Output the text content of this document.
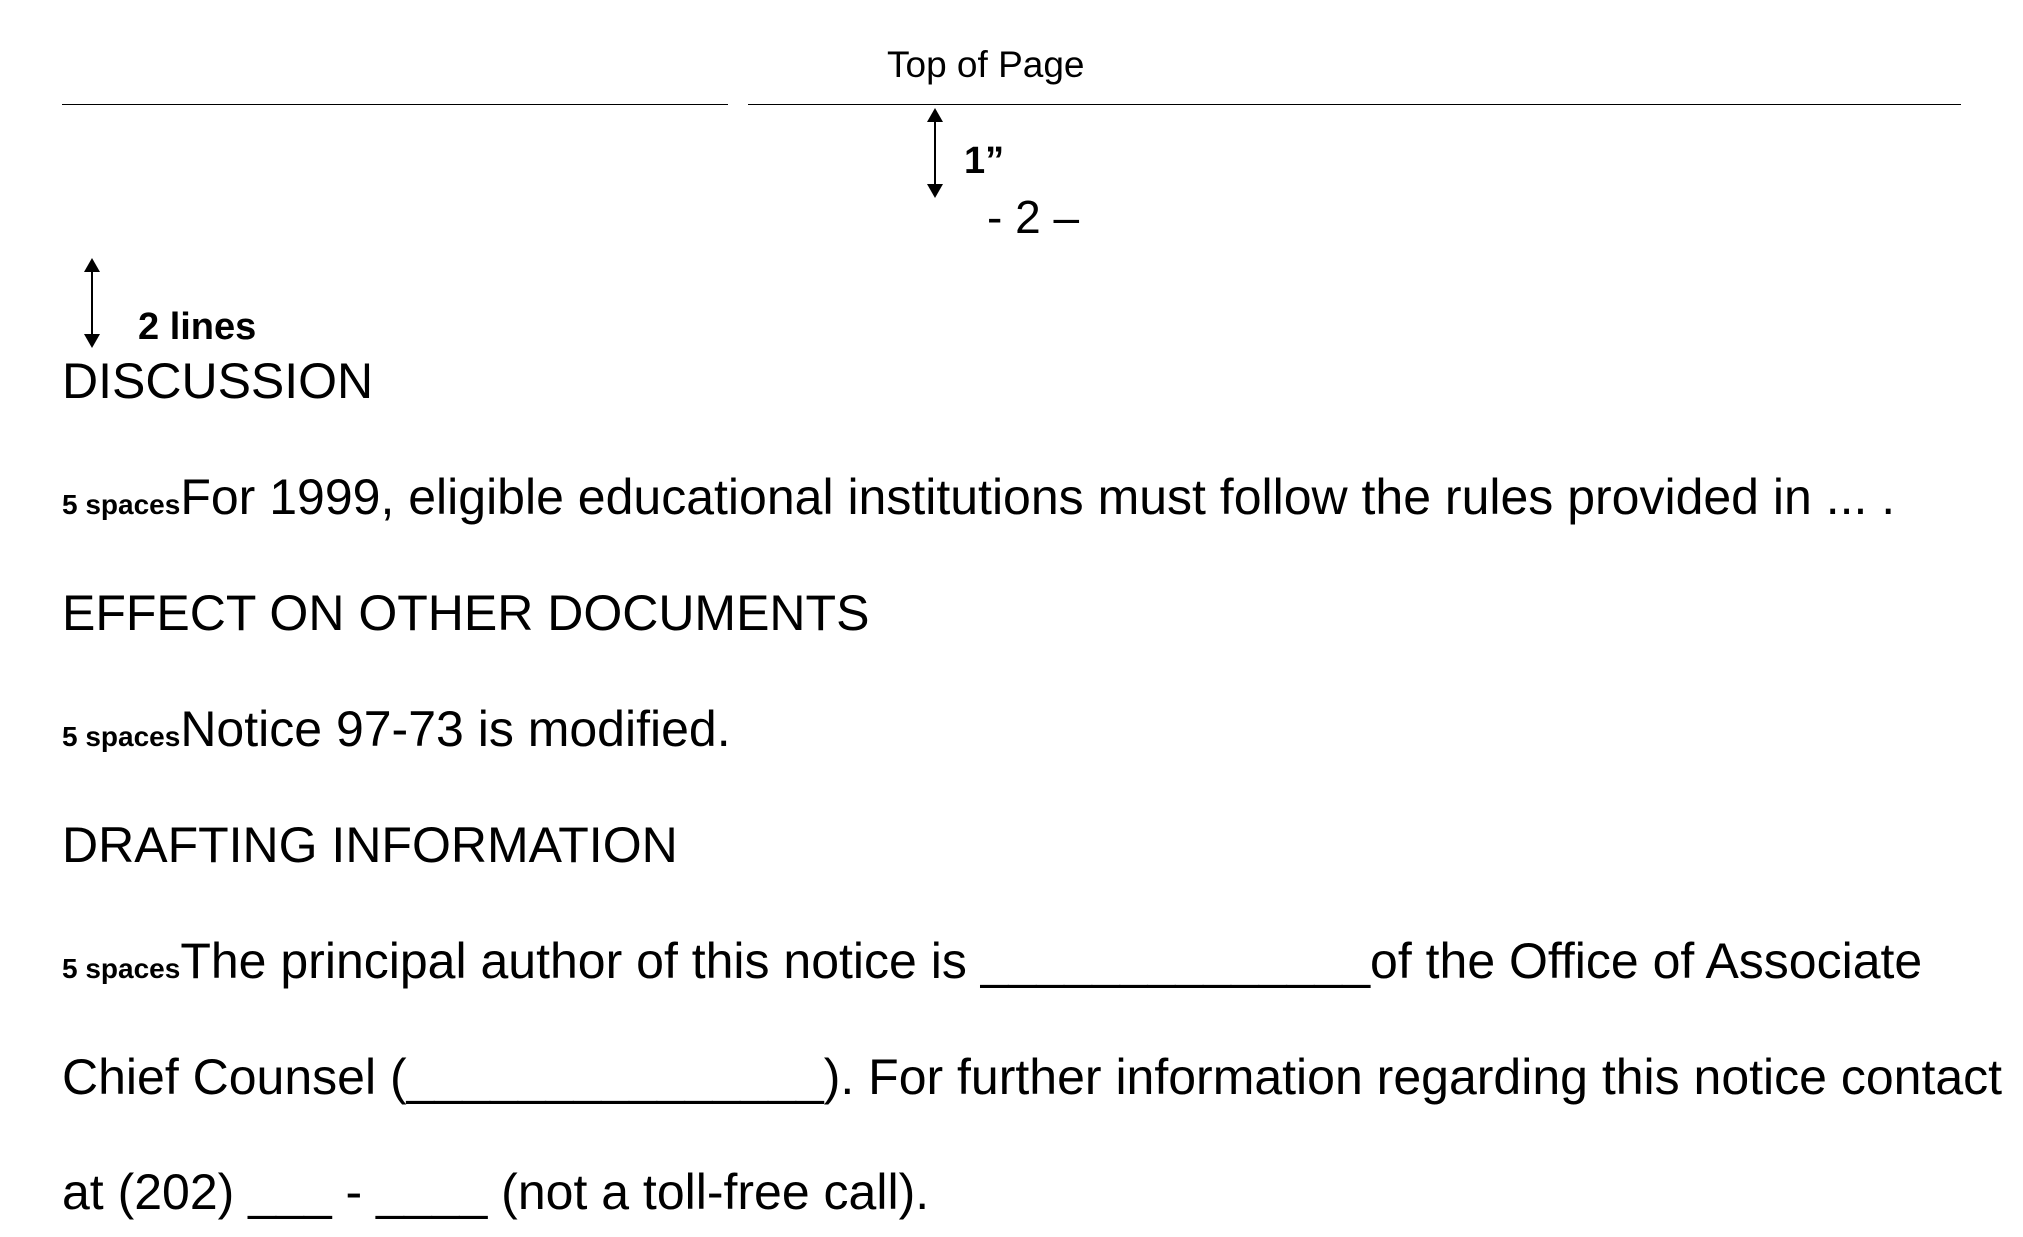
Top of Page
1”
- 2 –
2 lines
DISCUSSION
5 spacesFor 1999, eligible educational institutions must follow the rules provided in ... .
EFFECT ON OTHER DOCUMENTS
5 spacesNotice 97-73 is modified.
DRAFTING INFORMATION
5 spacesThe principal author of this notice is ______________of the Office of Associate
Chief Counsel (_______________). For further information regarding this notice contact
at (202) ___ - ____ (not a toll-free call).
